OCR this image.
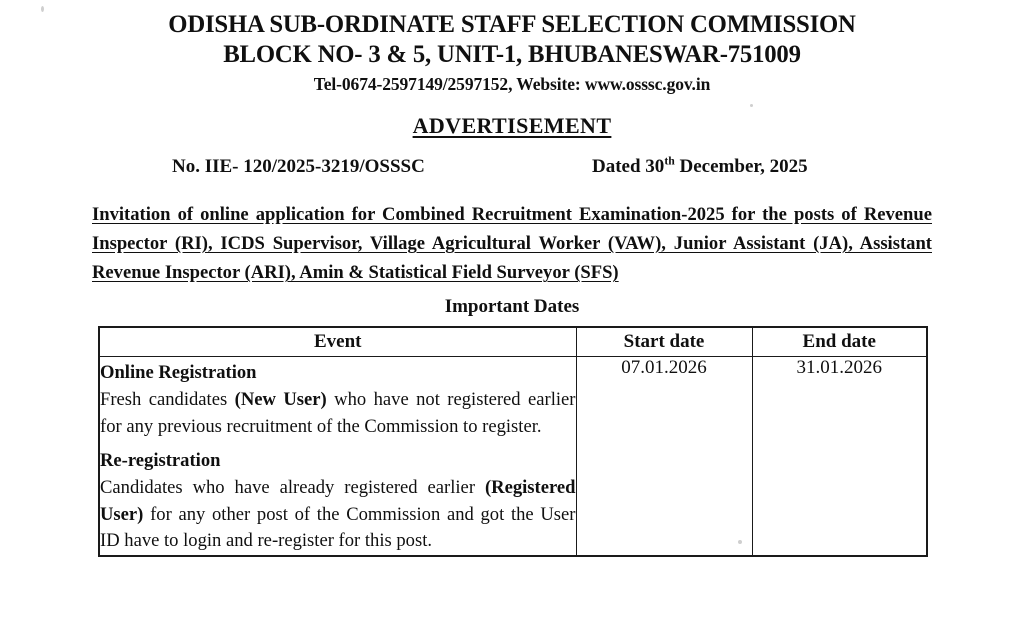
ODISHA SUB-ORDINATE STAFF SELECTION COMMISSION
BLOCK NO- 3 & 5, UNIT-1, BHUBANESWAR-751009
Tel-0674-2597149/2597152, Website: www.osssc.gov.in
ADVERTISEMENT
No. IIE- 120/2025-3219/OSSSC	Dated 30th December, 2025

Invitation of online application for Combined Recruitment Examination-2025 for the posts of Revenue Inspector (RI), ICDS Supervisor, Village Agricultural Worker (VAW), Junior Assistant (JA), Assistant Revenue Inspector (ARI), Amin & Statistical Field Surveyor (SFS)

Important Dates
Event	Start date	End date

Online Registration
Fresh candidates (New User) who have not registered earlier for any previous recruitment of the Commission to register.
Re-registration
Candidates who have already registered earlier (Registered User) for any other post of the Commission and got the User ID have to login and re-register for this post.	07.01.2026	31.01.2026
